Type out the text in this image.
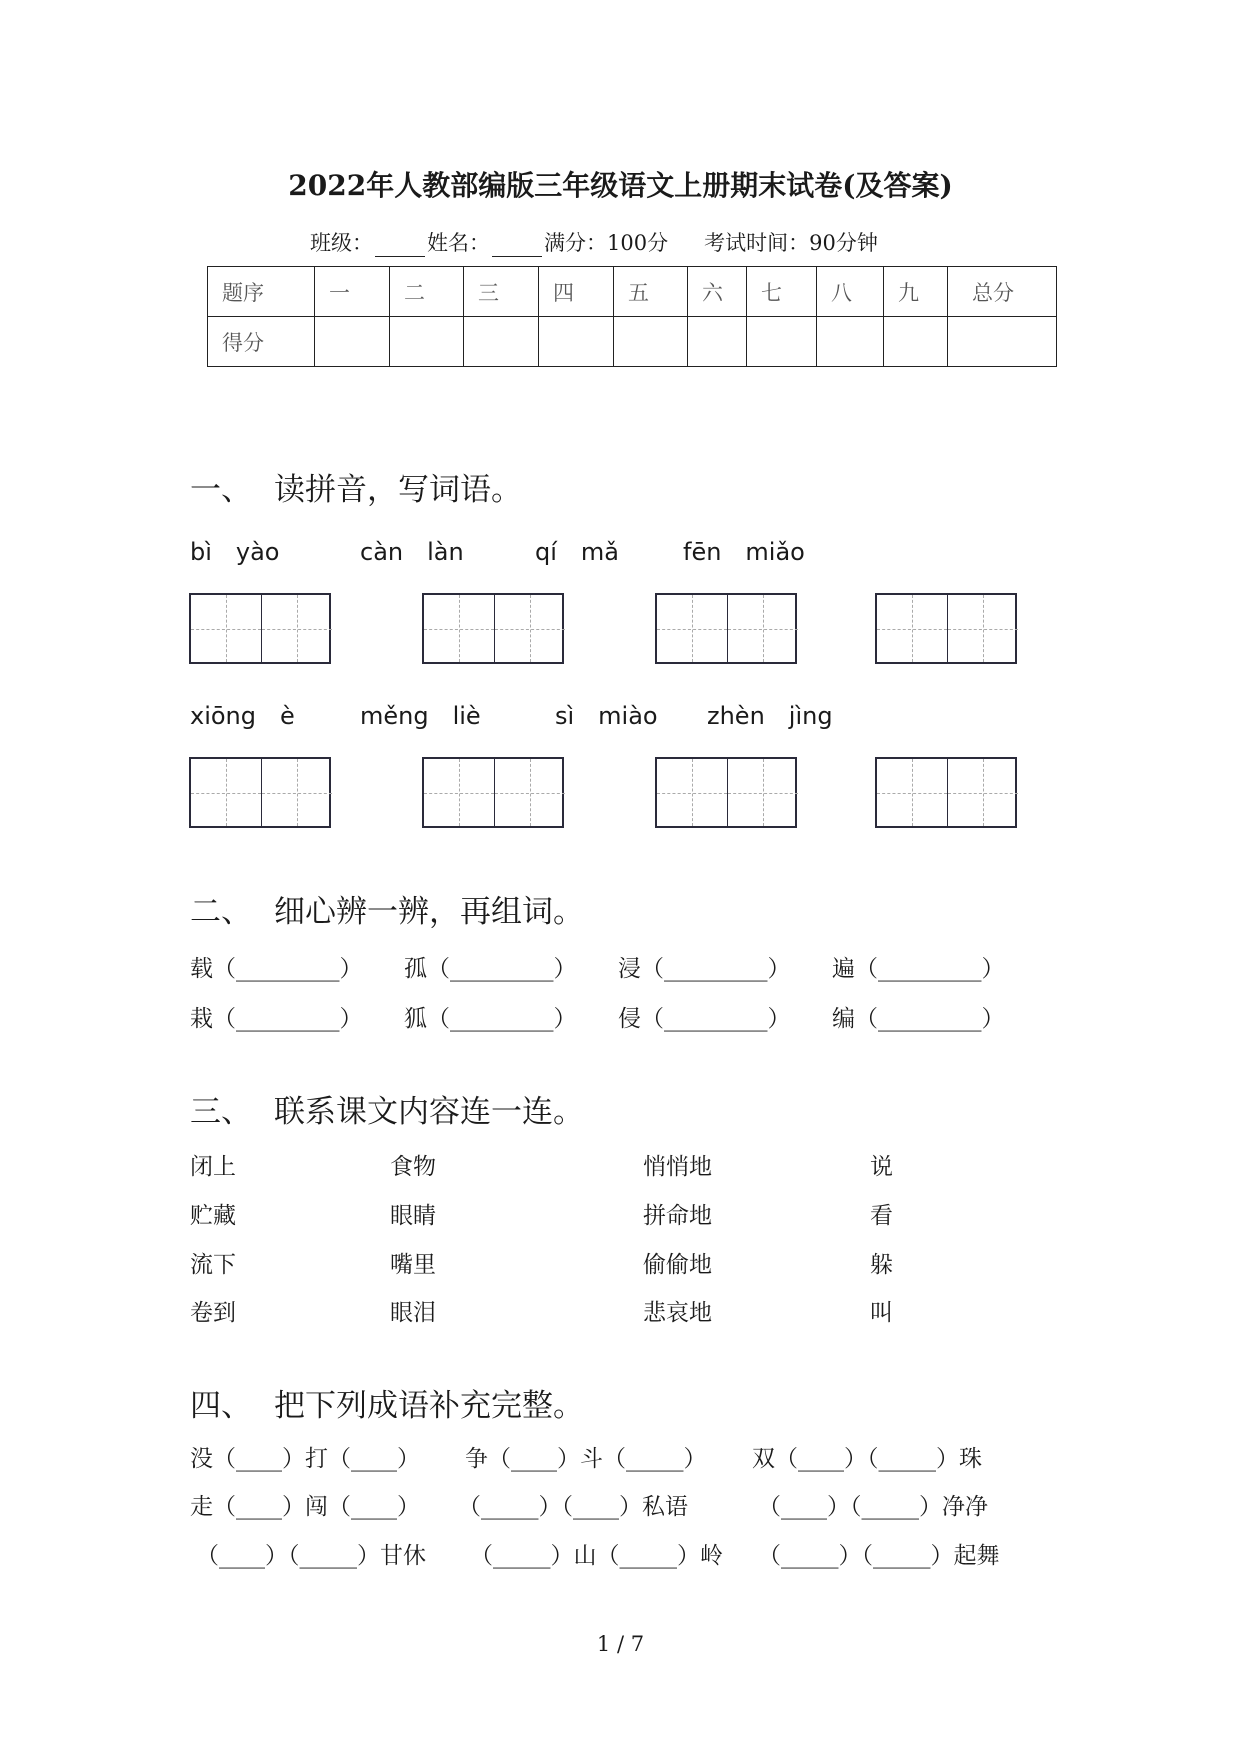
2022年人教部编版三年级语文上册期末试卷(及答案)
班级：	姓名：	满分：100分 考试时间：90分钟
题序	一	二	三	四	五	六	七	八	九	总分
得分										
一、 读拼音，写词语。
bì　yào	càn　làn	qí　mǎ	fēn　miǎo
xiōng　è	měng　liè	sì　miào zhèn　jìng
二、 细心辨一辨，再组词。
载（_________） 孤（_________） 浸（_________） 遍（_________）
栽（_________） 狐（_________） 侵（_________） 编（_________）
三、 联系课文内容连一连。
闭上	食物	悄悄地	说
贮藏	眼睛	拼命地	看
流下	嘴里	偷偷地	躲
卷到	眼泪	悲哀地	叫
四、 把下列成语补充完整。
没（____）打（____） 争（____）斗（_____） 双（____）（_____）珠
走（____）闯（____） （_____）（____）私语	（____）（_____）净净
（____）（_____）甘休 （_____）山（_____）岭 （_____）（_____）起舞
1 / 7
